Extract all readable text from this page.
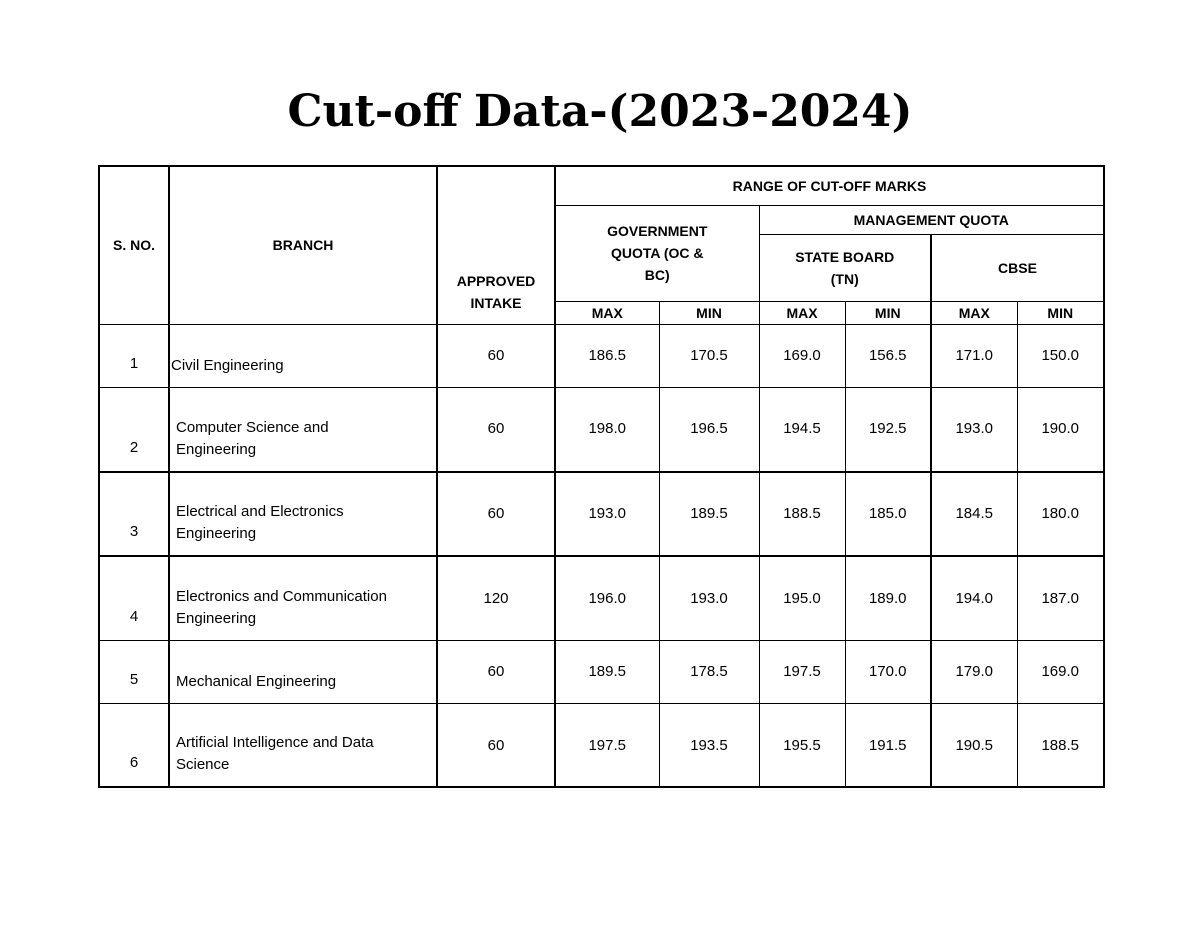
Cut-off Data-(2023-2024)
S. NO.	BRANCH	APPROVED INTAKE	RANGE OF CUT-OFF MARKS					
			GOVERNMENT QUOTA (OC & BC)		MANAGEMENT QUOTA			
					STATE BOARD (TN)		CBSE	
			MAX	MIN	MAX	MIN	MAX	MIN
1	Civil Engineering	60	186.5	170.5	169.0	156.5	171.0	150.0
2	Computer Science and Engineering	60	198.0	196.5	194.5	192.5	193.0	190.0
3	Electrical and Electronics Engineering	60	193.0	189.5	188.5	185.0	184.5	180.0
4	Electronics and Communication Engineering	120	196.0	193.0	195.0	189.0	194.0	187.0
5	Mechanical Engineering	60	189.5	178.5	197.5	170.0	179.0	169.0
6	Artificial Intelligence and Data Science	60	197.5	193.5	195.5	191.5	190.5	188.5
